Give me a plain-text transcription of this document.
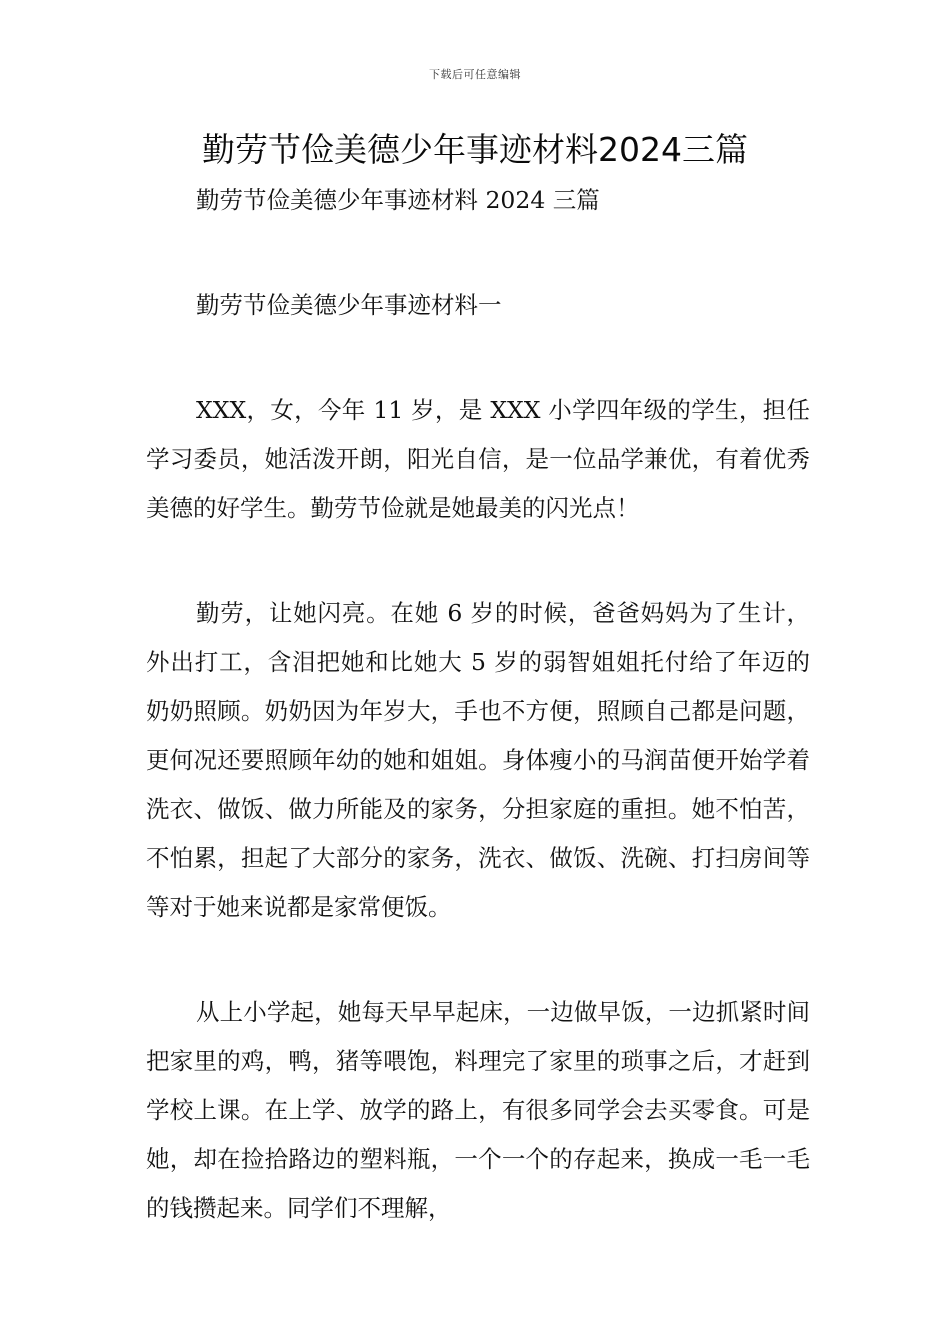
下载后可任意编辑
勤劳节俭美德少年事迹材料2024三篇

勤劳节俭美德少年事迹材料 2024 三篇

勤劳节俭美德少年事迹材料一

XXX，女，今年 11 岁，是 XXX 小学四年级的学生，担任学习委员，她活泼开朗，阳光自信，是一位品学兼优，有着优秀美德的好学生。勤劳节俭就是她最美的闪光点！

勤劳，让她闪亮。在她 6 岁的时候，爸爸妈妈为了生计，外出打工，含泪把她和比她大 5 岁的弱智姐姐托付给了年迈的奶奶照顾。奶奶因为年岁大，手也不方便，照顾自己都是问题，更何况还要照顾年幼的她和姐姐。身体瘦小的马润苗便开始学着洗衣、做饭、做力所能及的家务，分担家庭的重担。她不怕苦，不怕累，担起了大部分的家务，洗衣、做饭、洗碗、打扫房间等等对于她来说都是家常便饭。

从上小学起，她每天早早起床，一边做早饭，一边抓紧时间把家里的鸡，鸭，猪等喂饱，料理完了家里的琐事之后，才赶到学校上课。在上学、放学的路上，有很多同学会去买零食。可是她，却在捡拾路边的塑料瓶，一个一个的存起来，换成一毛一毛的钱攒起来。同学们不理解，
